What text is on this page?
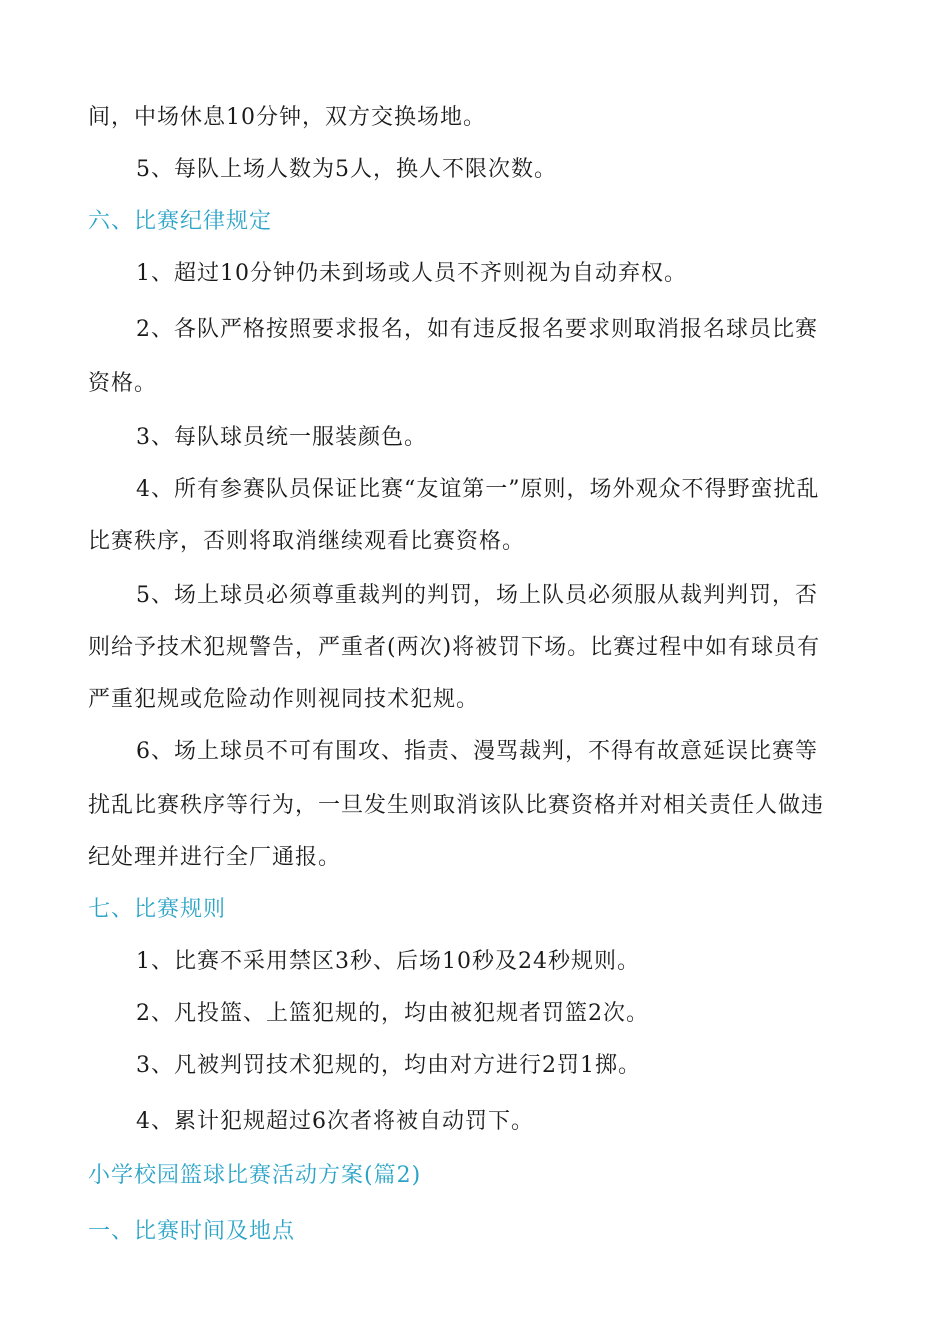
间，中场休息10分钟，双方交换场地。
5、每队上场人数为5人，换人不限次数。
六、比赛纪律规定
1、超过10分钟仍未到场或人员不齐则视为自动弃权。
2、各队严格按照要求报名，如有违反报名要求则取消报名球员比赛
资格。
3、每队球员统一服装颜色。
4、所有参赛队员保证比赛“友谊第一”原则，场外观众不得野蛮扰乱
比赛秩序，否则将取消继续观看比赛资格。
5、场上球员必须尊重裁判的判罚，场上队员必须服从裁判判罚，否
则给予技术犯规警告，严重者(两次)将被罚下场。比赛过程中如有球员有
严重犯规或危险动作则视同技术犯规。
6、场上球员不可有围攻、指责、漫骂裁判，不得有故意延误比赛等
扰乱比赛秩序等行为，一旦发生则取消该队比赛资格并对相关责任人做违
纪处理并进行全厂通报。
七、比赛规则
1、比赛不采用禁区3秒、后场10秒及24秒规则。
2、凡投篮、上篮犯规的，均由被犯规者罚篮2次。
3、凡被判罚技术犯规的，均由对方进行2罚1掷。
4、累计犯规超过6次者将被自动罚下。
小学校园篮球比赛活动方案(篇2)
一、比赛时间及地点
